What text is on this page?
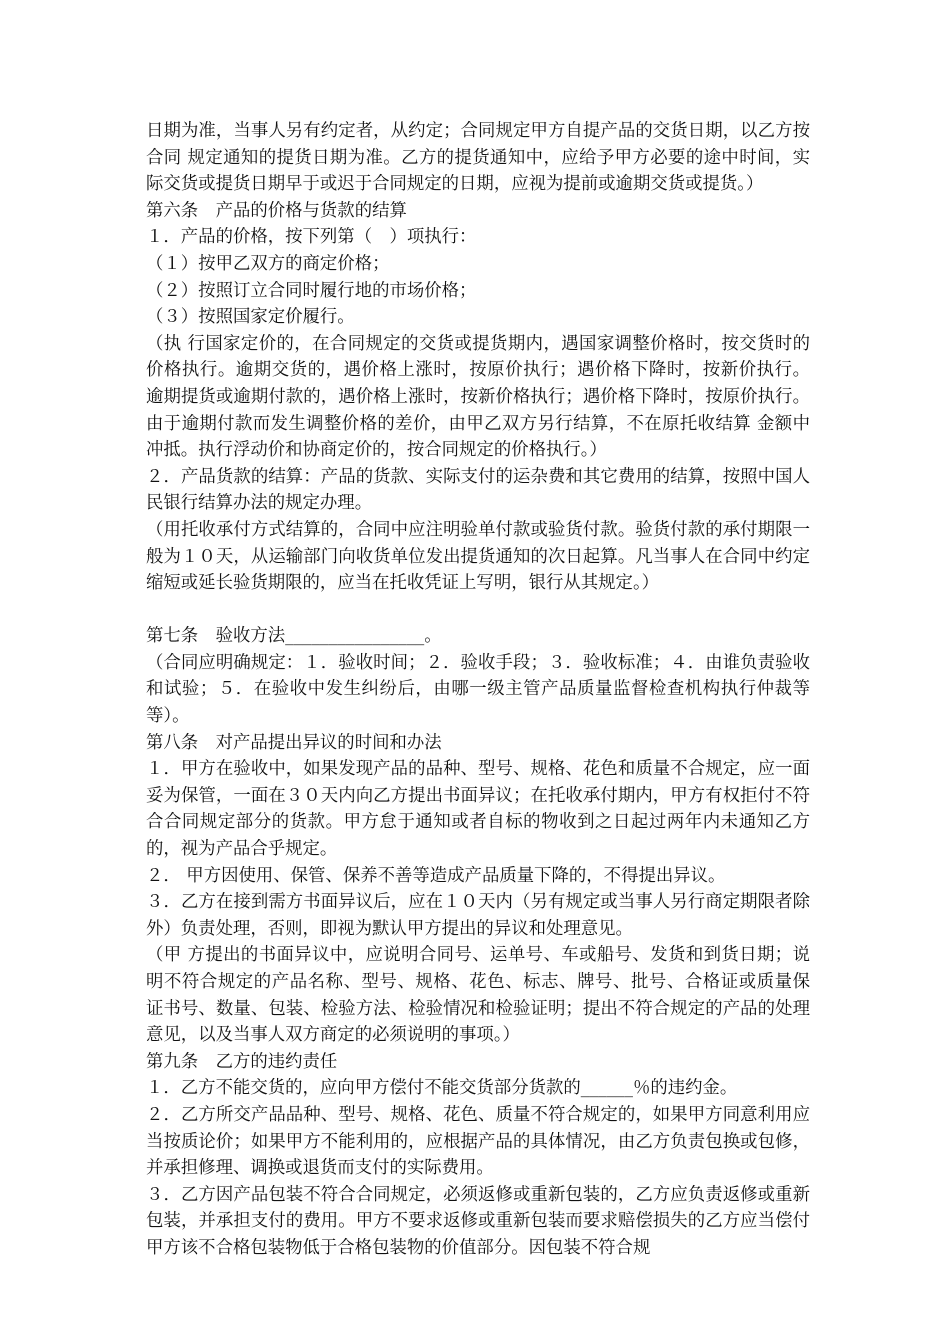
日期为准，当事人另有约定者，从约定；合同规定甲方自提产品的交货日期，以乙方按合同 规定通知的提货日期为准。乙方的提货通知中，应给予甲方必要的途中时间，实际交货或提货日期早于或迟于合同规定的日期，应视为提前或逾期交货或提货。）

第六条　产品的价格与货款的结算

１．产品的价格，按下列第（　）项执行：

（１）按甲乙双方的商定价格；

（２）按照订立合同时履行地的市场价格；

（３）按照国家定价履行。

（执 行国家定价的，在合同规定的交货或提货期内，遇国家调整价格时，按交货时的价格执行。逾期交货的，遇价格上涨时，按原价执行；遇价格下降时，按新价执行。 逾期提货或逾期付款的，遇价格上涨时，按新价格执行；遇价格下降时，按原价执行。由于逾期付款而发生调整价格的差价，由甲乙双方另行结算，不在原托收结算 金额中冲抵。执行浮动价和协商定价的，按合同规定的价格执行。）

２．产品货款的结算：产品的货款、实际支付的运杂费和其它费用的结算，按照中国人民银行结算办法的规定办理。

（用托收承付方式结算的，合同中应注明验单付款或验货付款。验货付款的承付期限一般为１０天，从运输部门向收货单位发出提货通知的次日起算。凡当事人在合同中约定缩短或延长验货期限的，应当在托收凭证上写明，银行从其规定。）

第七条　验收方法________________。

（合同应明确规定：１．验收时间；２．验收手段；３．验收标准；４．由谁负责验收和试验；５．在验收中发生纠纷后，由哪一级主管产品质量监督检查机构执行仲裁等等）。

第八条　对产品提出异议的时间和办法

１．甲方在验收中，如果发现产品的品种、型号、规格、花色和质量不合规定，应一面妥为保管，一面在３０天内向乙方提出书面异议；在托收承付期内，甲方有权拒付不符合合同规定部分的货款。甲方怠于通知或者自标的物收到之日起过两年内未通知乙方的，视为产品合乎规定。

２． 甲方因使用、保管、保养不善等造成产品质量下降的，不得提出异议。

３．乙方在接到需方书面异议后，应在１０天内（另有规定或当事人另行商定期限者除外）负责处理，否则，即视为默认甲方提出的异议和处理意见。

（甲 方提出的书面异议中，应说明合同号、运单号、车或船号、发货和到货日期；说明不符合规定的产品名称、型号、规格、花色、标志、牌号、批号、合格证或质量保 证书号、数量、包装、检验方法、检验情况和检验证明；提出不符合规定的产品的处理意见，以及当事人双方商定的必须说明的事项。）

第九条　乙方的违约责任

１．乙方不能交货的，应向甲方偿付不能交货部分货款的______％的违约金。

２．乙方所交产品品种、型号、规格、花色、质量不符合规定的，如果甲方同意利用应当按质论价；如果甲方不能利用的，应根据产品的具体情况，由乙方负责包换或包修，并承担修理、调换或退货而支付的实际费用。

３．乙方因产品包装不符合合同规定，必须返修或重新包装的，乙方应负责返修或重新包装，并承担支付的费用。甲方不要求返修或重新包装而要求赔偿损失的乙方应当偿付甲方该不合格包装物低于合格包装物的价值部分。因包装不符合规
